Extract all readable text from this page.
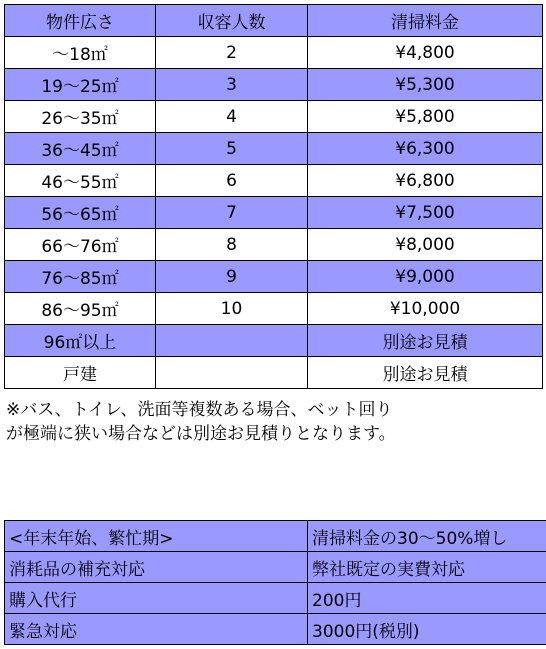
物件広さ	収容人数	清掃料金
〜18㎡	2	¥4,800
19〜25㎡	3	¥5,300
26〜35㎡	4	¥5,800
36〜45㎡	5	¥6,300
46〜55㎡	6	¥6,800
56〜65㎡	7	¥7,500
66〜76㎡	8	¥8,000
76〜85㎡	9	¥9,000
86〜95㎡	10	¥10,000
96㎡以上		別途お見積
戸建		別途お見積
※バス、トイレ、洗面等複数ある場合、ベット回り
が極端に狭い場合などは別途お見積りとなります。
<年末年始、繁忙期>	清掃料金の30〜50%増し
消耗品の補充対応	弊社既定の実費対応
購入代行	200円
緊急対応	3000円(税別)
